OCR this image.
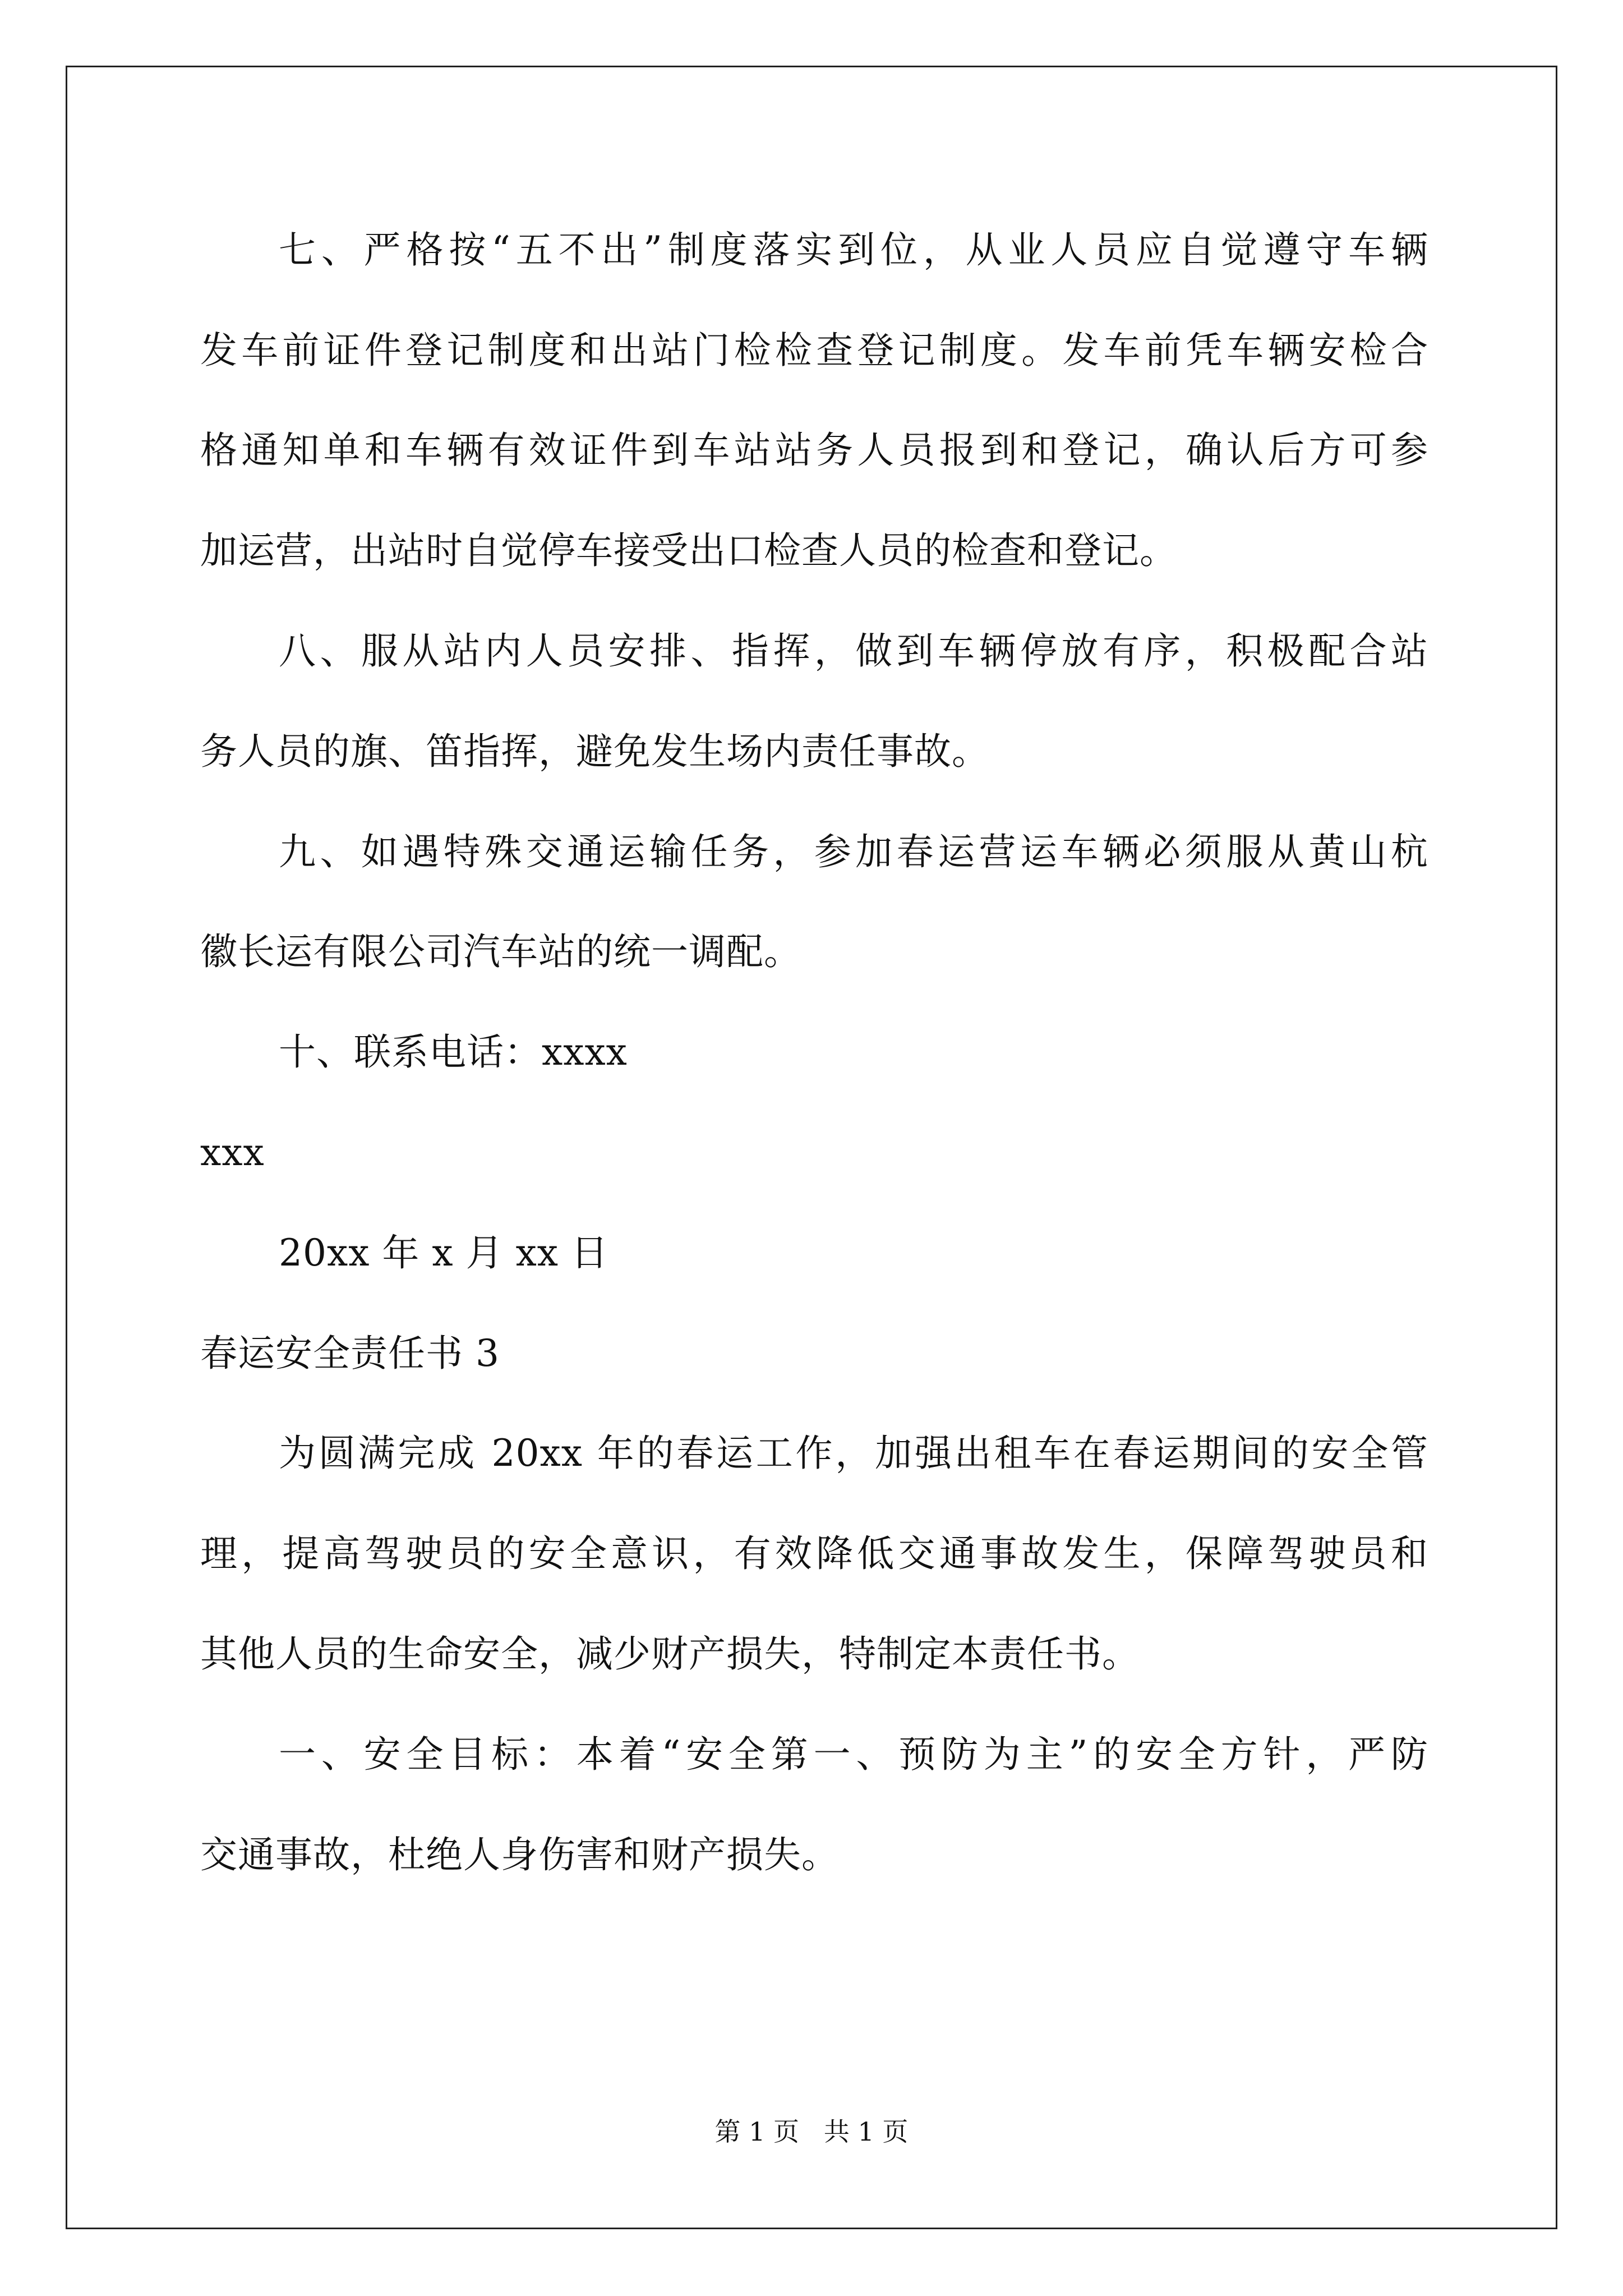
七、严格按“五不出”制度落实到位，从业人员应自觉遵守车辆
发车前证件登记制度和出站门检检查登记制度。发车前凭车辆安检合
格通知单和车辆有效证件到车站站务人员报到和登记，确认后方可参
加运营，出站时自觉停车接受出口检查人员的检查和登记。
八、服从站内人员安排、指挥，做到车辆停放有序，积极配合站
务人员的旗、笛指挥，避免发生场内责任事故。
九、如遇特殊交通运输任务，参加春运营运车辆必须服从黄山杭
徽长运有限公司汽车站的统一调配。
十、联系电话：xxxx
xxx
20xx 年 x 月 xx 日
春运安全责任书 3
为圆满完成 20xx 年的春运工作，加强出租车在春运期间的安全管
理，提高驾驶员的安全意识，有效降低交通事故发生，保障驾驶员和
其他人员的生命安全，减少财产损失，特制定本责任书。
一、安全目标：本着“安全第一、预防为主”的安全方针，严防
交通事故，杜绝人身伤害和财产损失。
第 1 页   共 1 页
